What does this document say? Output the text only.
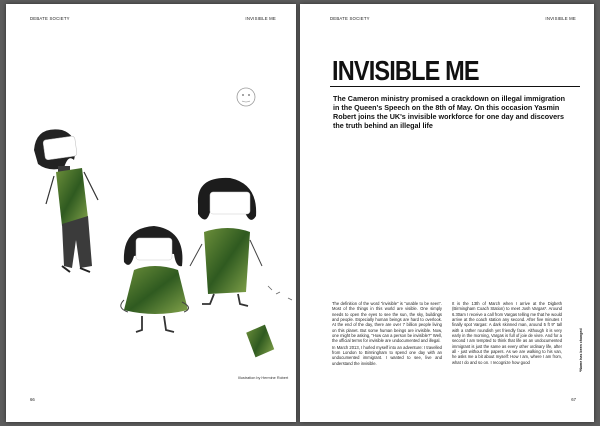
DEBATE SOCIETY	INVISIBLE ME
Illustration by Hermine Robert
66
DEBATE SOCIETY	INVISIBLE ME
INVISIBLE ME

The Cameron ministry promised a crackdown on illegal immigration in the Queen's Speech on the 8th of May. On this occasion Yasmin Robert joins the UK's invisible workforce for one day and discovers the truth behind an illegal life

The definition of the word "invisible" is "unable to be seen". Most of the things in this world are visible. One simply needs to open the eyes to see the sun, the sky, buildings and people. Especially human beings are hard to overlook. At the end of the day, there are over 7 billion people living on this planet. But some human beings are invisible. Now, one might be asking, "How can a person be invisible?" Well, the official terms for invisible are undocumented and illegal.

In March 2013, I hurled myself into an adventure: I travelled from London to Birmingham to spend one day with an undocumented immigrant. I wanted to see, live and understand the invisible.

It is the 13th of March when I arrive at the Digbeth (Birmingham Coach Station) to meet Josh Vargas*. Around 6.30am I receive a call from Vargas telling me that he would arrive at the coach station any second. After five minutes I finally spot Vargas: A dark skinned man, around 5 ft 9" tall with a rather roundish yet friendly face. Although it is very early in the morning, Vargas is full of joie de vivre. And for a second I am tempted to think that life as an undocumented immigrant is just the same as every other ordinary life, after all - just without the papers. As we are walking to his van, he asks me a bit about myself: How I am, where I am from, what I do and so on. I recognize how good	*Name has been changed
67
